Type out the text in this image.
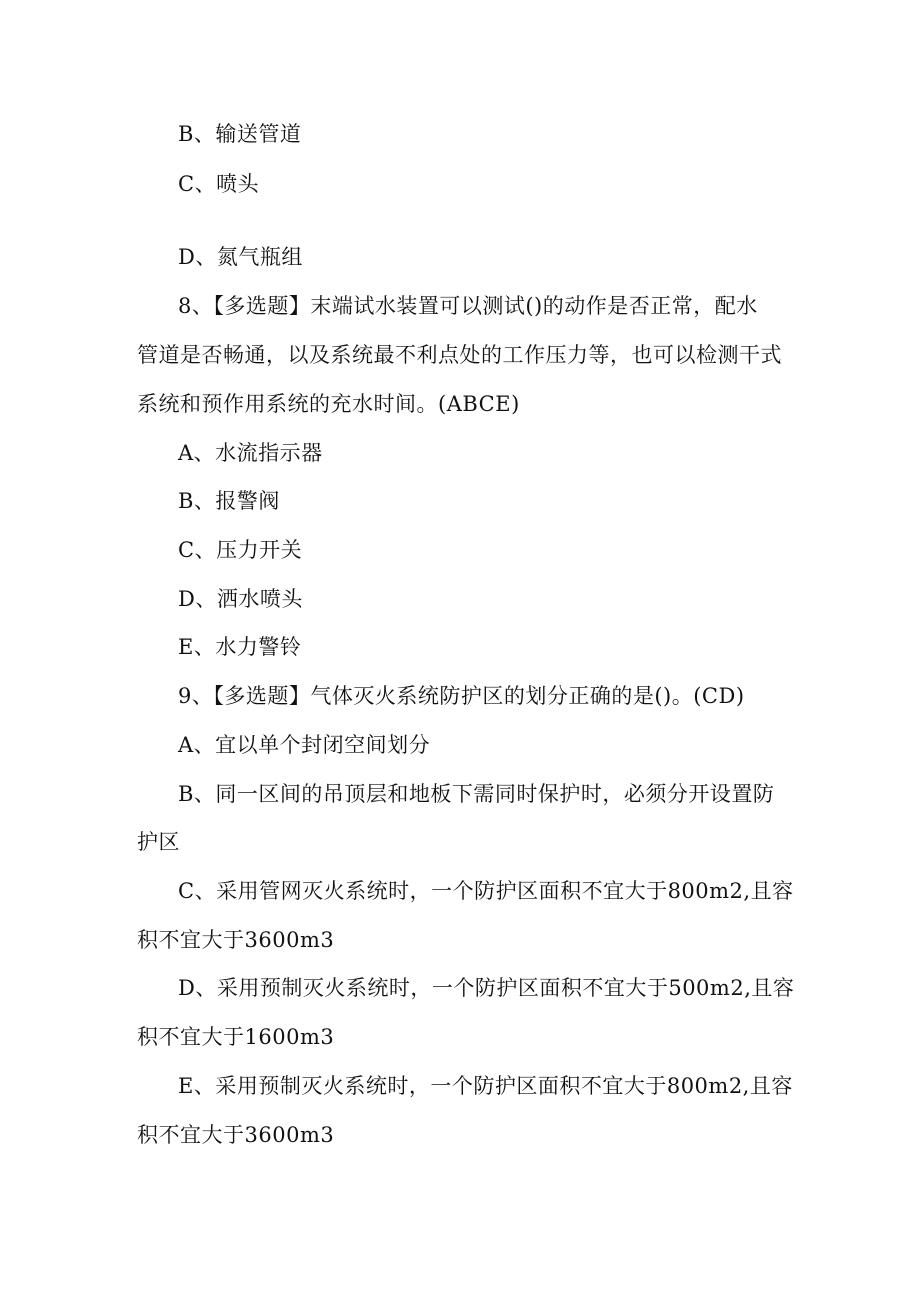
B、输送管道
C、喷头
D、氮气瓶组
8、【多选题】末端试水装置可以测试()的动作是否正常，配水
管道是否畅通，以及系统最不利点处的工作压力等，也可以检测干式
系统和预作用系统的充水时间。(ABCE)
A、水流指示器
B、报警阀
C、压力开关
D、洒水喷头
E、水力警铃
9、【多选题】气体灭火系统防护区的划分正确的是()。(CD)
A、宜以单个封闭空间划分
B、同一区间的吊顶层和地板下需同时保护时，必须分开设置防
护区
C、采用管网灭火系统时，一个防护区面积不宜大于800m2,且容
积不宜大于3600m3
D、采用预制灭火系统时，一个防护区面积不宜大于500m2,且容
积不宜大于1600m3
E、采用预制灭火系统时，一个防护区面积不宜大于800m2,且容
积不宜大于3600m3
